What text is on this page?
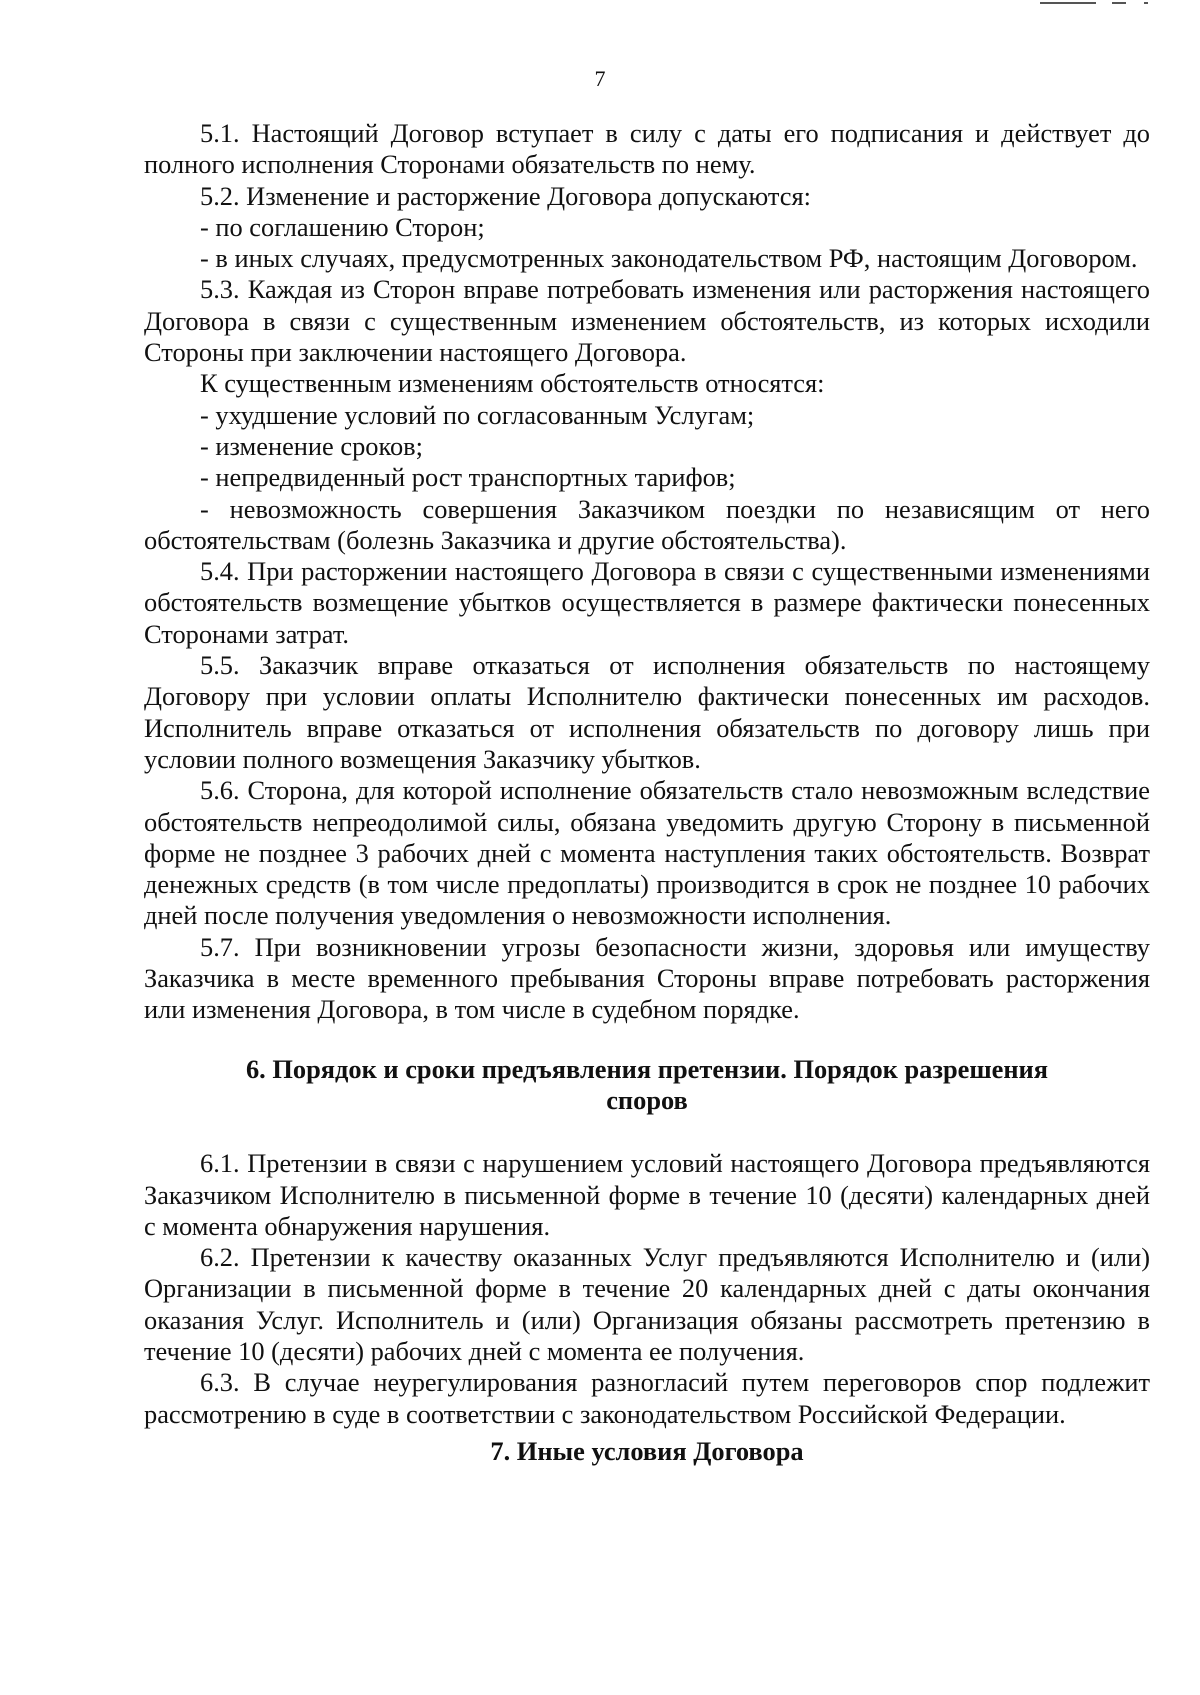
7

5.1. Настоящий Договор вступает в силу с даты его подписания и действует до полного исполнения Сторонами обязательств по нему.

5.2. Изменение и расторжение Договора допускаются:

- по соглашению Сторон;

- в иных случаях, предусмотренных законодательством РФ, настоящим Договором.

5.3. Каждая из Сторон вправе потребовать изменения или расторжения настоящего Договора в связи с существенным изменением обстоятельств, из которых исходили Стороны при заключении настоящего Договора.

К существенным изменениям обстоятельств относятся:

- ухудшение условий по согласованным Услугам;

- изменение сроков;

- непредвиденный рост транспортных тарифов;

- невозможность совершения Заказчиком поездки по независящим от него обстоятельствам (болезнь Заказчика и другие обстоятельства).

5.4. При расторжении настоящего Договора в связи с существенными изменениями обстоятельств возмещение убытков осуществляется в размере фактически понесенных Сторонами затрат.

5.5. Заказчик вправе отказаться от исполнения обязательств по настоящему Договору при условии оплаты Исполнителю фактически понесенных им расходов. Исполнитель вправе отказаться от исполнения обязательств по договору лишь при условии полного возмещения Заказчику убытков.

5.6. Сторона, для которой исполнение обязательств стало невозможным вследствие обстоятельств непреодолимой силы, обязана уведомить другую Сторону в письменной форме не позднее 3 рабочих дней с момента наступления таких обстоятельств. Возврат денежных средств (в том числе предоплаты) производится в срок не позднее 10 рабочих дней после получения уведомления о невозможности исполнения.

5.7. При возникновении угрозы безопасности жизни, здоровья или имуществу Заказчика в месте временного пребывания Стороны вправе потребовать расторжения или изменения Договора, в том числе в судебном порядке.

6. Порядок и сроки предъявления претензии. Порядок разрешения

споров

6.1. Претензии в связи с нарушением условий настоящего Договора предъявляются Заказчиком Исполнителю в письменной форме в течение 10 (десяти) календарных дней с момента обнаружения нарушения.

6.2. Претензии к качеству оказанных Услуг предъявляются Исполнителю и (или) Организации в письменной форме в течение 20 календарных дней с даты окончания оказания Услуг. Исполнитель и (или) Организация обязаны рассмотреть претензию в течение 10 (десяти) рабочих дней с момента ее получения.

6.3. В случае неурегулирования разногласий путем переговоров спор подлежит рассмотрению в суде в соответствии с законодательством Российской Федерации.

7. Иные условия Договора
